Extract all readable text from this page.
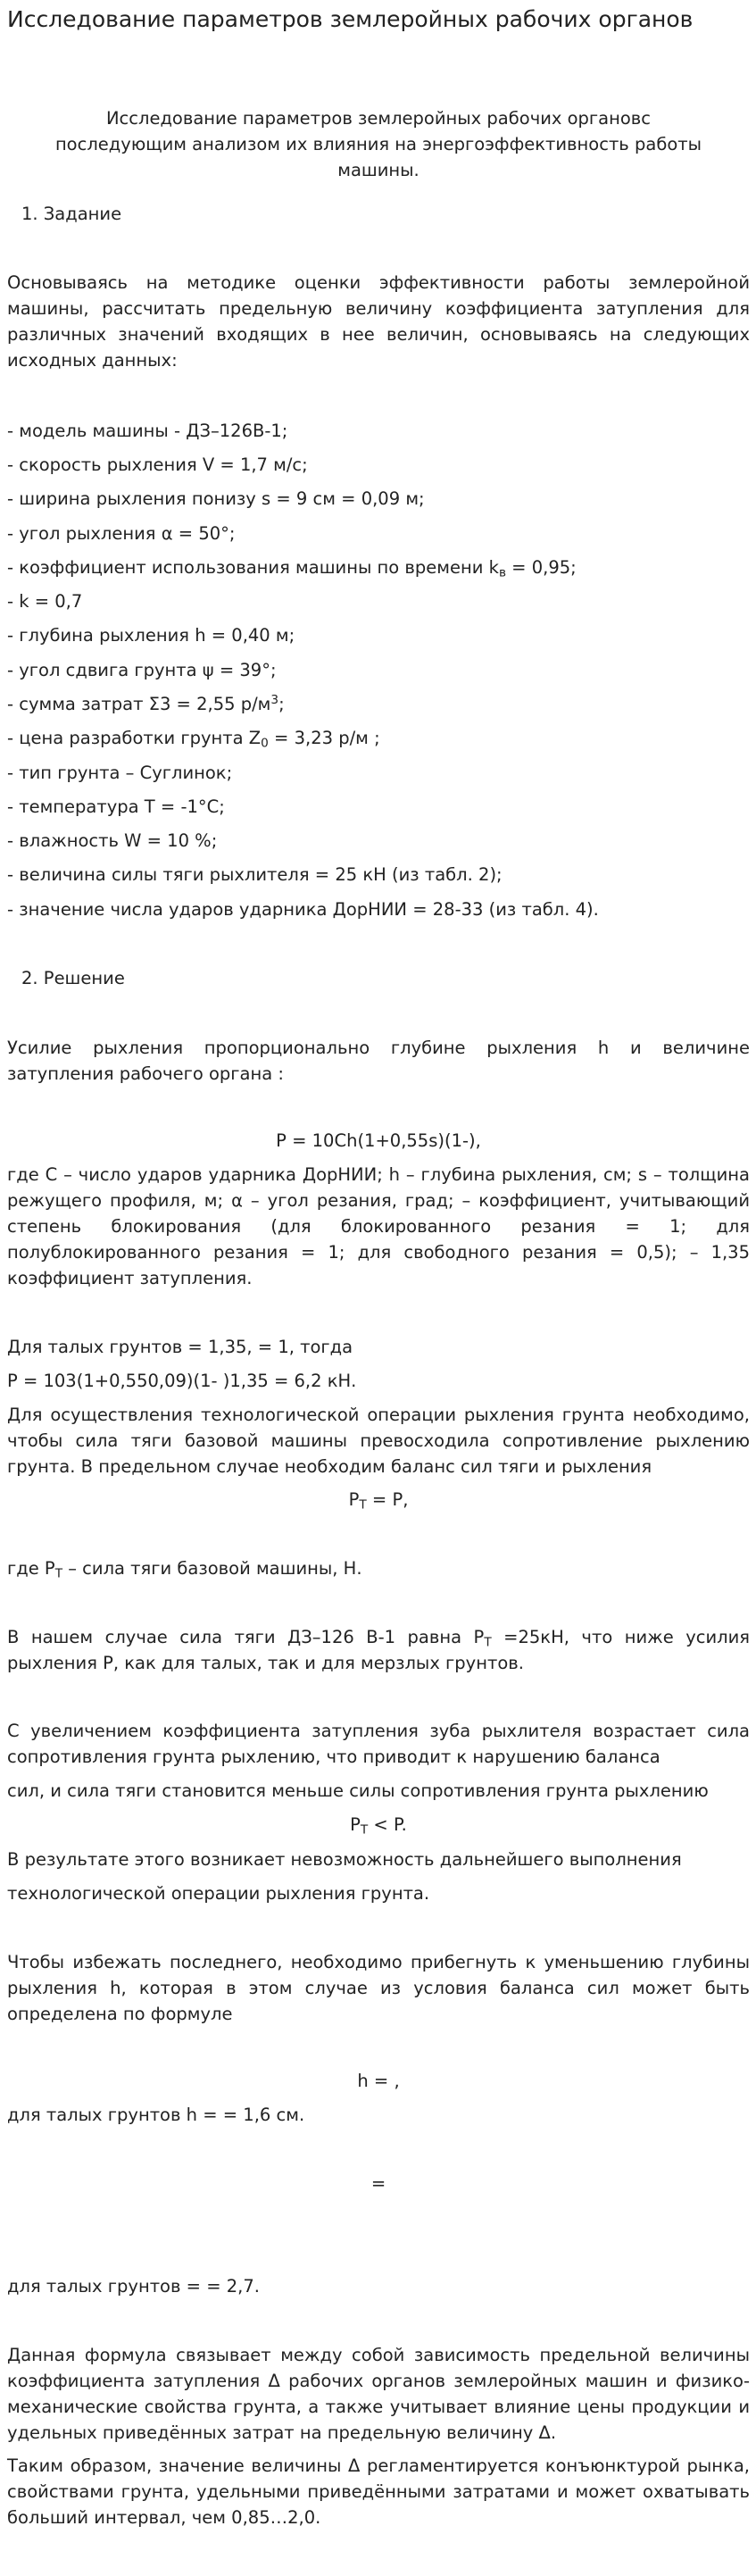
Исследование параметров землеройных рабочих органов
Исследование параметров землеройных рабочих органовс последующим анализом их влияния на энергоэффективность работы машины.
1. Задание
Основываясь на методике оценки эффективности работы землеройной машины, рассчитать предельную величину коэффициента затупления для различных значений входящих в нее величин, основываясь на следующих исходных данных:
- модель машины - ДЗ–126В-1;
- скорость рыхления V = 1,7 м/с;
- ширина рыхления понизу s = 9 см = 0,09 м;
- угол рыхления α = 50°;
- коэффициент использования машины по времени $k_в = 0,95$;
- k = 0,7
- глубина рыхления h = 0,40 м;
- угол сдвига грунта ψ = 39°;
- сумма затрат Σ3 = 2,55 $р/м^3$;
- цена разработки грунта $Z_0 = 3,23$ р/м ;
- тип грунта – Суглинок;
- температура T = -1°С;
- влажность W = 10 %;
- величина силы тяги рыхлителя = 25 кН (из табл. 2);
- значение числа ударов ударника ДорНИИ = 28-33 (из табл. 4).
2. Решение
Усилие рыхления пропорционально глубине рыхления h и величине затупления рабочего органа :
P = 10Ch(1+0,55s)(1-),
где C – число ударов ударника ДорНИИ; h – глубина рыхления, см; s – толщина режущего профиля, м; α – угол резания, град; – коэффициент, учитывающий степень блокирования (для блокированного резания = 1; для полублокированного резания = 1; для свободного резания = 0,5); – 1,35 коэффициент затупления.
Для талых грунтов = 1,35, = 1, тогда
P = 103(1+0,550,09)(1- )1,35 = 6,2 кН.
Для осуществления технологической операции рыхления грунта необходимо, чтобы сила тяги базовой машины превосходила сопротивление рыхлению грунта. В предельном случае необходим баланс сил тяги и рыхления
$P_Т = P$,
где $P_Т$ – сила тяги базовой машины, Н.
В нашем случае сила тяги ДЗ–126 В-1 равна $P_Т =25кН$, что ниже усилия рыхления P, как для талых, так и для мерзлых грунтов.
С увеличением коэффициента затупления зуба рыхлителя возрастает сила сопротивления грунта рыхлению, что приводит к нарушению баланса
сил, и сила тяги становится меньше силы сопротивления грунта рыхлению
$P_Т < P$.
В результате этого возникает невозможность дальнейшего выполнения
технологической операции рыхления грунта.
Чтобы избежать последнего, необходимо прибегнуть к уменьшению глубины рыхления h, которая в этом случае из условия баланса сил может быть определена по формуле
h = ,
для талых грунтов h = = 1,6 см.
=
для талых грунтов = = 2,7.
Данная формула связывает между собой зависимость предельной величины коэффициента затупления Δ рабочих органов землеройных машин и физико-механические свойства грунта, а также учитывает влияние цены продукции и удельных приведённых затрат на предельную величину Δ.
Таким образом, значение величины Δ регламентируется конъюнктурой рынка, свойствами грунта, удельными приведёнными затратами и может охватывать больший интервал, чем 0,85…2,0.
